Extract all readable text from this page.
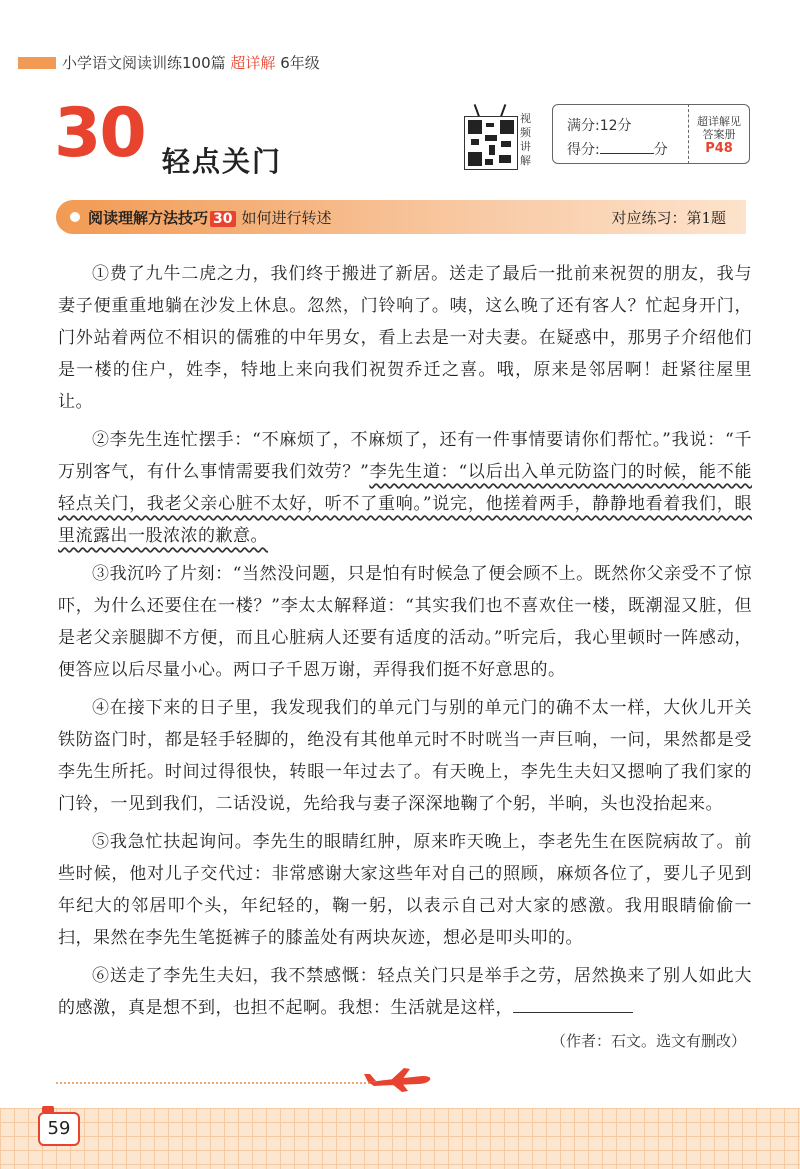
小学语文阅读训练100篇 超详解 6年级
30 轻点关门
视
频
讲
解
满分:12分
得分:	分
超详解见
答案册
P48
阅读理解方法技巧 30 如何进行转述	对应练习：第1题

①费了九牛二虎之力，我们终于搬进了新居。送走了最后一批前来祝贺的朋友，我与妻子便重重地躺在沙发上休息。忽然，门铃响了。咦，这么晚了还有客人？忙起身开门，门外站着两位不相识的儒雅的中年男女，看上去是一对夫妻。在疑惑中，那男子介绍他们是一楼的住户，姓李，特地上来向我们祝贺乔迁之喜。哦，原来是邻居啊！赶紧往屋里让。

②李先生连忙摆手：“不麻烦了，不麻烦了，还有一件事情要请你们帮忙。”我说：“千万别客气，有什么事情需要我们效劳？”李先生道：“以后出入单元防盗门的时候，能不能轻点关门，我老父亲心脏不太好，听不了重响。”说完，他搓着两手，静静地看着我们，眼里流露出一股浓浓的歉意。

③我沉吟了片刻：“当然没问题，只是怕有时候急了便会顾不上。既然你父亲受不了惊吓，为什么还要住在一楼？”李太太解释道：“其实我们也不喜欢住一楼，既潮湿又脏，但是老父亲腿脚不方便，而且心脏病人还要有适度的活动。”听完后，我心里顿时一阵感动，便答应以后尽量小心。两口子千恩万谢，弄得我们挺不好意思的。

④在接下来的日子里，我发现我们的单元门与别的单元门的确不太一样，大伙儿开关铁防盗门时，都是轻手轻脚的，绝没有其他单元时不时咣当一声巨响，一问，果然都是受李先生所托。时间过得很快，转眼一年过去了。有天晚上，李先生夫妇又摁响了我们家的门铃，一见到我们，二话没说，先给我与妻子深深地鞠了个躬，半晌，头也没抬起来。

⑤我急忙扶起询问。李先生的眼睛红肿，原来昨天晚上，李老先生在医院病故了。前些时候，他对儿子交代过：非常感谢大家这些年对自己的照顾，麻烦各位了，要儿子见到年纪大的邻居叩个头，年纪轻的，鞠一躬，以表示自己对大家的感激。我用眼睛偷偷一扫，果然在李先生笔挺裤子的膝盖处有两块灰迹，想必是叩头叩的。

⑥送走了李先生夫妇，我不禁感慨：轻点关门只是举手之劳，居然换来了别人如此大的感激，真是想不到，也担不起啊。我想：生活就是这样，

（作者：石文。选文有删改）
59
